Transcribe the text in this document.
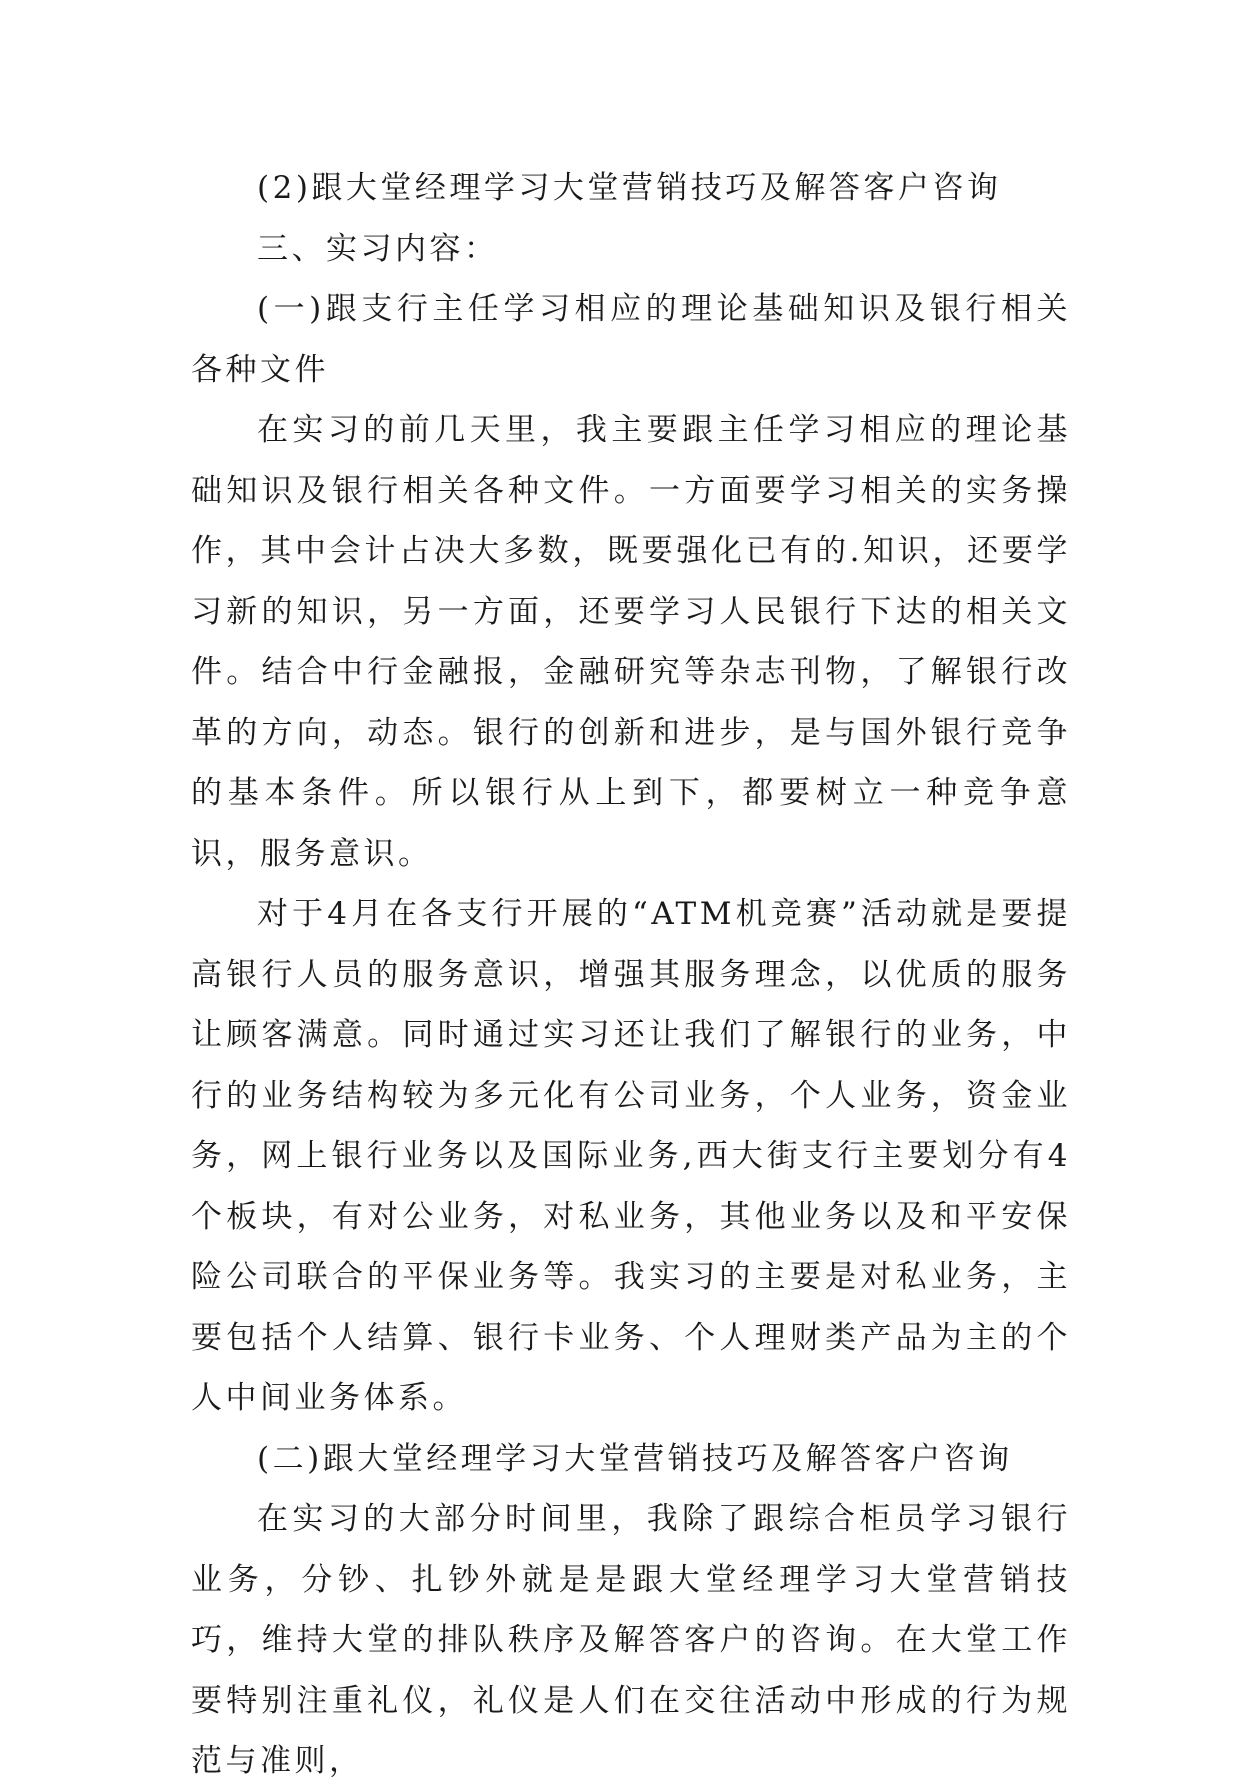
(2)跟大堂经理学习大堂营销技巧及解答客户咨询

三、实习内容：

(一)跟支行主任学习相应的理论基础知识及银行相关各种文件

在实习的前几天里，我主要跟主任学习相应的理论基础知识及银行相关各种文件。一方面要学习相关的实务操作，其中会计占决大多数，既要强化已有的.知识，还要学习新的知识，另一方面，还要学习人民银行下达的相关文件。结合中行金融报，金融研究等杂志刊物，了解银行改革的方向，动态。银行的创新和进步，是与国外银行竞争的基本条件。所以银行从上到下，都要树立一种竞争意识，服务意识。

对于4月在各支行开展的“ATM机竞赛”活动就是要提高银行人员的服务意识，增强其服务理念，以优质的服务让顾客满意。同时通过实习还让我们了解银行的业务，中行的业务结构较为多元化有公司业务，个人业务，资金业务，网上银行业务以及国际业务,西大街支行主要划分有4个板块，有对公业务，对私业务，其他业务以及和平安保险公司联合的平保业务等。我实习的主要是对私业务，主要包括个人结算、银行卡业务、个人理财类产品为主的个人中间业务体系。

(二)跟大堂经理学习大堂营销技巧及解答客户咨询

在实习的大部分时间里，我除了跟综合柜员学习银行业务，分钞、扎钞外就是是跟大堂经理学习大堂营销技巧，维持大堂的排队秩序及解答客户的咨询。在大堂工作要特别注重礼仪，礼仪是人们在交往活动中形成的行为规范与准则，
